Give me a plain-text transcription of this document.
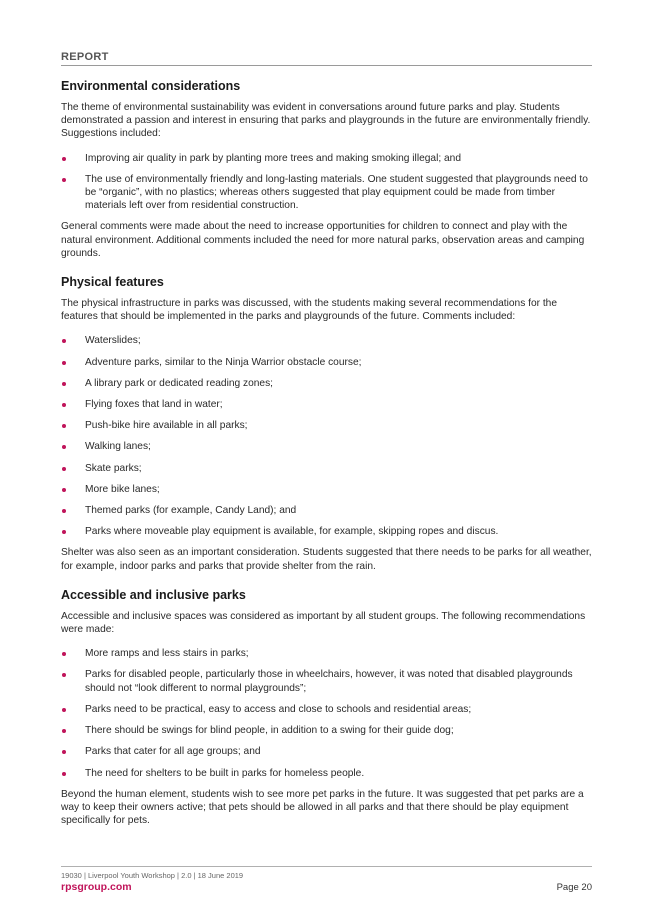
REPORT
Environmental considerations

The theme of environmental sustainability was evident in conversations around future parks and play. Students demonstrated a passion and interest in ensuring that parks and playgrounds in the future are environmentally friendly. Suggestions included:

Improving air quality in park by planting more trees and making smoking illegal; and
The use of environmentally friendly and long-lasting materials. One student suggested that playgrounds need to be “organic”, with no plastics; whereas others suggested that play equipment could be made from timber materials left over from residential construction.

General comments were made about the need to increase opportunities for children to connect and play with the natural environment. Additional comments included the need for more natural parks, observation areas and camping grounds.

Physical features

The physical infrastructure in parks was discussed, with the students making several recommendations for the features that should be implemented in the parks and playgrounds of the future. Comments included:

Waterslides;
Adventure parks, similar to the Ninja Warrior obstacle course;
A library park or dedicated reading zones;
Flying foxes that land in water;
Push-bike hire available in all parks;
Walking lanes;
Skate parks;
More bike lanes;
Themed parks (for example, Candy Land); and
Parks where moveable play equipment is available, for example, skipping ropes and discus.

Shelter was also seen as an important consideration. Students suggested that there needs to be parks for all weather, for example, indoor parks and parks that provide shelter from the rain.

Accessible and inclusive parks

Accessible and inclusive spaces was considered as important by all student groups. The following recommendations were made:

More ramps and less stairs in parks;
Parks for disabled people, particularly those in wheelchairs, however, it was noted that disabled playgrounds should not “look different to normal playgrounds”;
Parks need to be practical, easy to access and close to schools and residential areas;
There should be swings for blind people, in addition to a swing for their guide dog;
Parks that cater for all age groups; and
The need for shelters to be built in parks for homeless people.

Beyond the human element, students wish to see more pet parks in the future. It was suggested that pet parks are a way to keep their owners active; that pets should be allowed in all parks and that there should be play equipment specifically for pets.

19030 | Liverpool Youth Workshop | 2.0 | 18 June 2019
rpsgroup.com	Page 20
